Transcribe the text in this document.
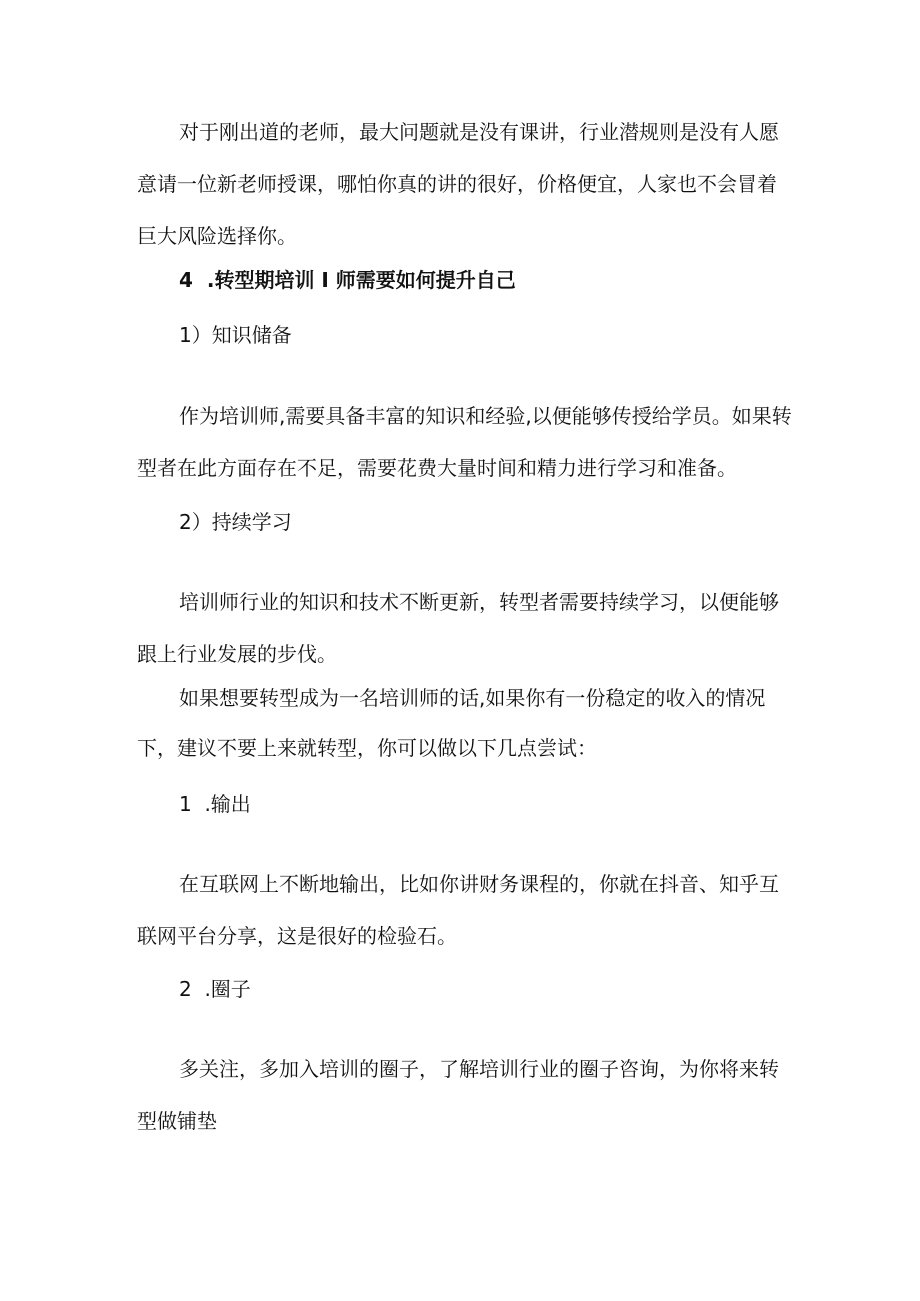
对于刚出道的老师，最大问题就是没有课讲，行业潜规则是没有人愿
意请一位新老师授课，哪怕你真的讲的很好，价格便宜，人家也不会冒着
巨大风险选择你。
4  .转型期培训 I 师需要如何提升自己
1）知识储备
作为培训师,需要具备丰富的知识和经验,以便能够传授给学员。如果转
型者在此方面存在不足，需要花费大量时间和精力进行学习和准备。
2）持续学习
培训师行业的知识和技术不断更新，转型者需要持续学习，以便能够
跟上行业发展的步伐。
如果想要转型成为一名培训师的话,如果你有一份稳定的收入的情况
下，建议不要上来就转型，你可以做以下几点尝试：
1  .输出
在互联网上不断地输出，比如你讲财务课程的，你就在抖音、知乎互
联网平台分享，这是很好的检验石。
2  .圈子
多关注，多加入培训的圈子，了解培训行业的圈子咨询，为你将来转
型做铺垫
